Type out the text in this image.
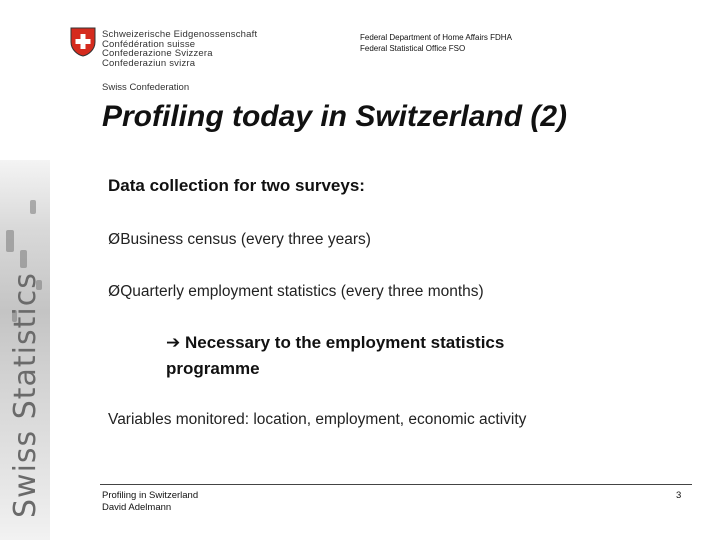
Swiss Statistics
Schweizerische Eidgenossenschaft
Confédération suisse
Confederazione Svizzera
Confederaziun svizra
Swiss Confederation
Federal Department of Home Affairs FDHA
Federal Statistical Office FSO
Profiling today in Switzerland (2)
Data collection for two surveys:
ØBusiness census (every three years)
ØQuarterly employment statistics (every three months)
➔ Necessary to the employment statistics
programme
Variables monitored: location, employment, economic activity
Profiling in Switzerland
David Adelmann
3
